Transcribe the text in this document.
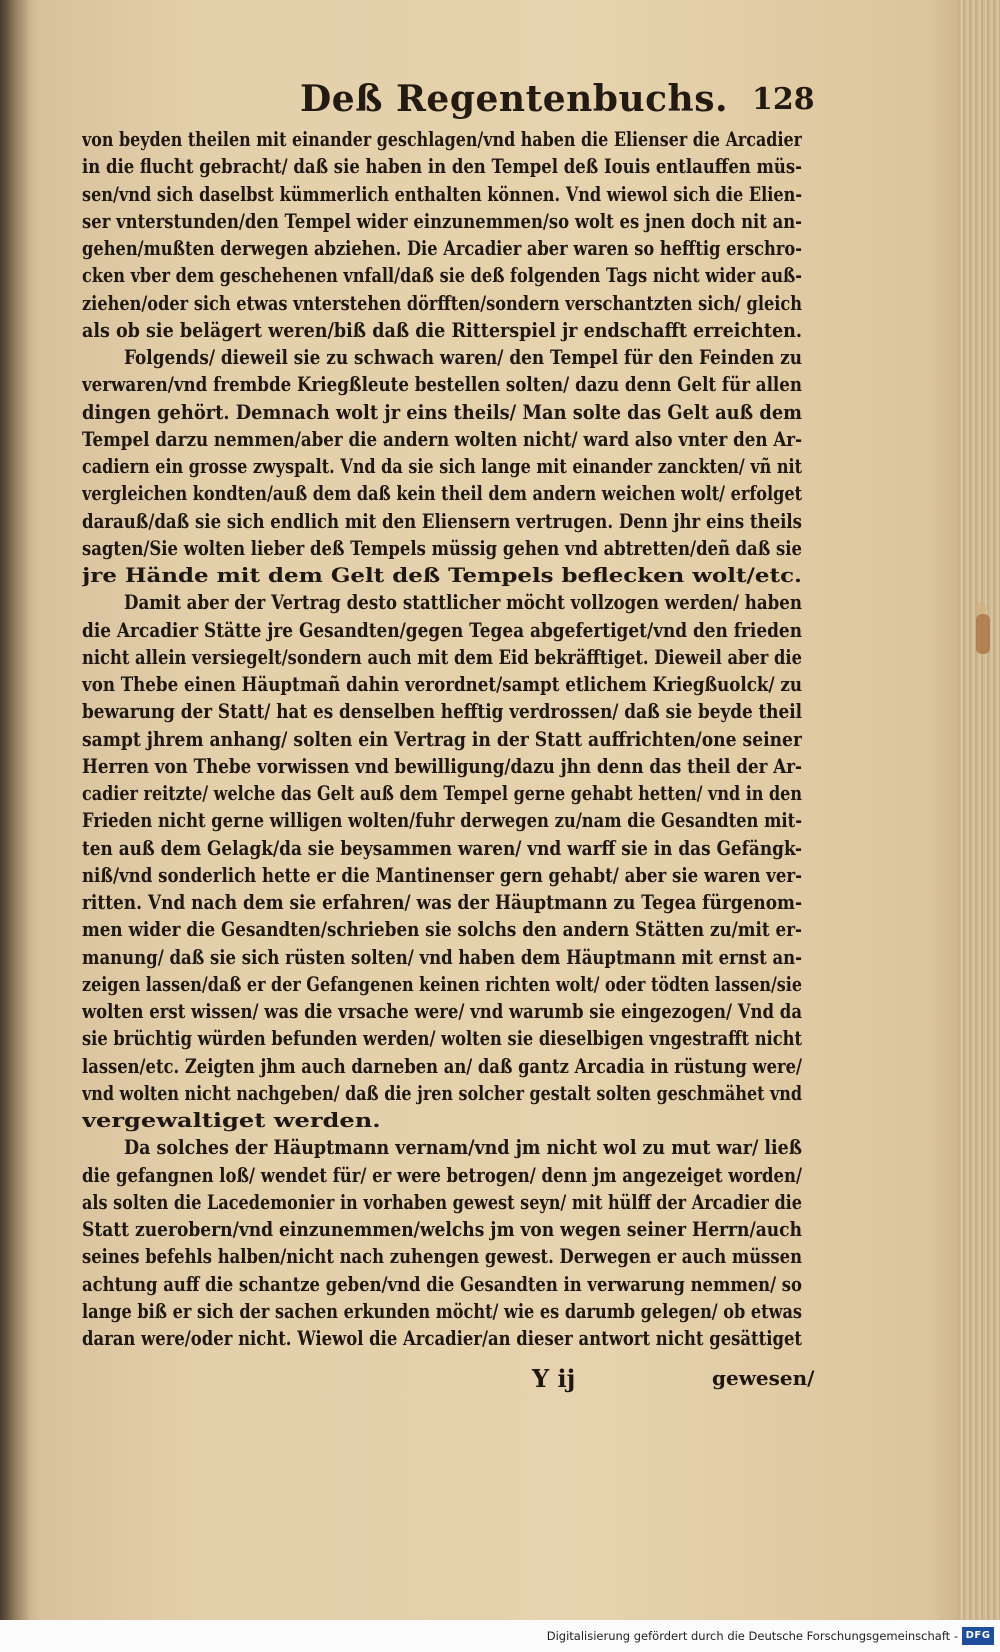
Deß Regentenbuchs. 128
von beyden theilen mit einander geschlagen/vnd haben die Elienser die Arcadier
in die flucht gebracht/ daß sie haben in den Tempel deß Iouis entlauffen müs-
sen/vnd sich daselbst kümmerlich enthalten können. Vnd wiewol sich die Elien-
ser vnterstunden/den Tempel wider einzunemmen/so wolt es jnen doch nit an-
gehen/mußten derwegen abziehen. Die Arcadier aber waren so hefftig erschro-
cken vber dem geschehenen vnfall/daß sie deß folgenden Tags nicht wider auß-
ziehen/oder sich etwas vnterstehen dörfften/sondern verschantzten sich/ gleich
als ob sie belägert weren/biß daß die Ritterspiel jr endschafft erreichten.
Folgends/ dieweil sie zu schwach waren/ den Tempel für den Feinden zu
verwaren/vnd frembde Kriegßleute bestellen solten/ dazu denn Gelt für allen
dingen gehört. Demnach wolt jr eins theils/ Man solte das Gelt auß dem
Tempel darzu nemmen/aber die andern wolten nicht/ ward also vnter den Ar-
cadiern ein grosse zwyspalt. Vnd da sie sich lange mit einander zanckten/ vñ nit
vergleichen kondten/auß dem daß kein theil dem andern weichen wolt/ erfolget
darauß/daß sie sich endlich mit den Eliensern vertrugen. Denn jhr eins theils
sagten/Sie wolten lieber deß Tempels müssig gehen vnd abtretten/deñ daß sie
jre Hände mit dem Gelt deß Tempels beflecken wolt/etc.
Damit aber der Vertrag desto stattlicher möcht vollzogen werden/ haben
die Arcadier Stätte jre Gesandten/gegen Tegea abgefertiget/vnd den frieden
nicht allein versiegelt/sondern auch mit dem Eid bekräfftiget. Dieweil aber die
von Thebe einen Häuptmañ dahin verordnet/sampt etlichem Kriegßuolck/ zu
bewarung der Statt/ hat es denselben hefftig verdrossen/ daß sie beyde theil
sampt jhrem anhang/ solten ein Vertrag in der Statt auffrichten/one seiner
Herren von Thebe vorwissen vnd bewilligung/dazu jhn denn das theil der Ar-
cadier reitzte/ welche das Gelt auß dem Tempel gerne gehabt hetten/ vnd in den
Frieden nicht gerne willigen wolten/fuhr derwegen zu/nam die Gesandten mit-
ten auß dem Gelagk/da sie beysammen waren/ vnd warff sie in das Gefängk-
niß/vnd sonderlich hette er die Mantinenser gern gehabt/ aber sie waren ver-
ritten. Vnd nach dem sie erfahren/ was der Häuptmann zu Tegea fürgenom-
men wider die Gesandten/schrieben sie solchs den andern Stätten zu/mit er-
manung/ daß sie sich rüsten solten/ vnd haben dem Häuptmann mit ernst an-
zeigen lassen/daß er der Gefangenen keinen richten wolt/ oder tödten lassen/sie
wolten erst wissen/ was die vrsache were/ vnd warumb sie eingezogen/ Vnd da
sie brüchtig würden befunden werden/ wolten sie dieselbigen vngestrafft nicht
lassen/etc. Zeigten jhm auch darneben an/ daß gantz Arcadia in rüstung were/
vnd wolten nicht nachgeben/ daß die jren solcher gestalt solten geschmähet vnd
vergewaltiget werden.
Da solches der Häuptmann vernam/vnd jm nicht wol zu mut war/ ließ
die gefangnen loß/ wendet für/ er were betrogen/ denn jm angezeiget worden/
als solten die Lacedemonier in vorhaben gewest seyn/ mit hülff der Arcadier die
Statt zuerobern/vnd einzunemmen/welchs jm von wegen seiner Herrn/auch
seines befehls halben/nicht nach zuhengen gewest. Derwegen er auch müssen
achtung auff die schantze geben/vnd die Gesandten in verwarung nemmen/ so
lange biß er sich der sachen erkunden möcht/ wie es darumb gelegen/ ob etwas
daran were/oder nicht. Wiewol die Arcadier/an dieser antwort nicht gesättiget
Y ij	gewesen/
Digitalisierung gefördert durch die Deutsche Forschungsgemeinschaft - DFG
